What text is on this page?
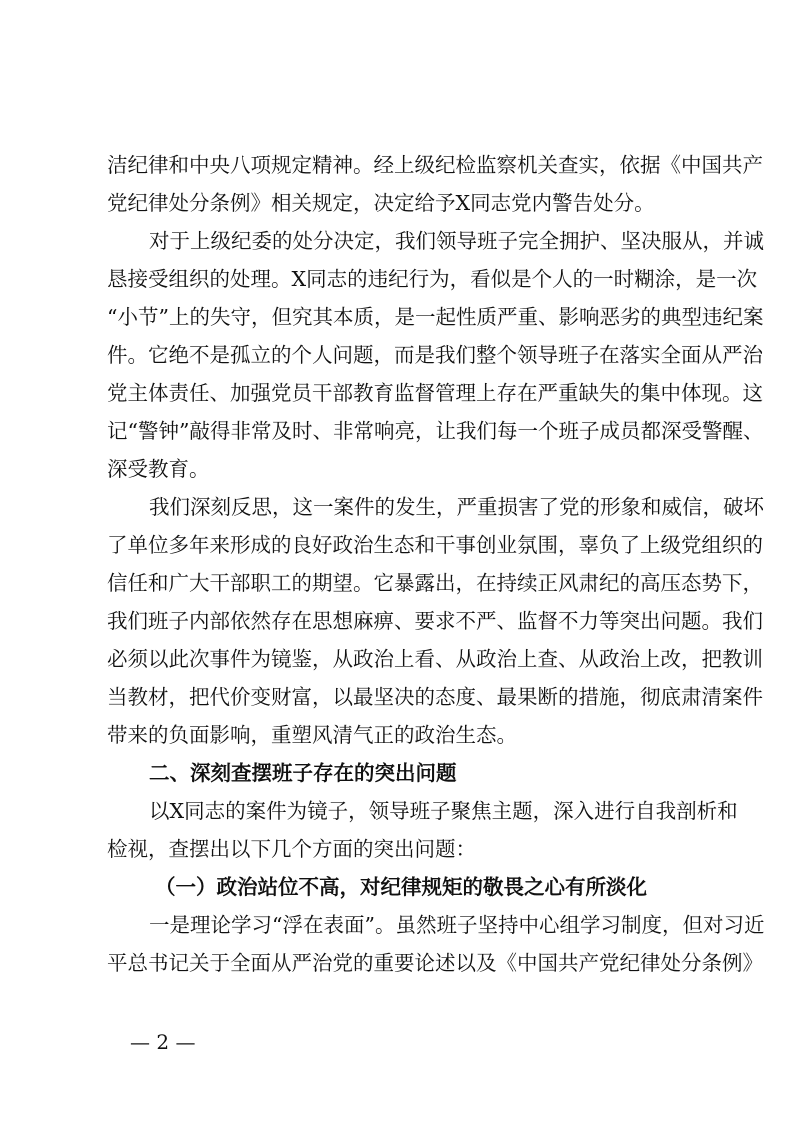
洁纪律和中央八项规定精神。经上级纪检监察机关查实，依据《中国共产
党纪律处分条例》相关规定，决定给予X同志党内警告处分。
对于上级纪委的处分决定，我们领导班子完全拥护、坚决服从，并诚
恳接受组织的处理。X同志的违纪行为，看似是个人的一时糊涂，是一次
“小节”上的失守，但究其本质，是一起性质严重、影响恶劣的典型违纪案
件。它绝不是孤立的个人问题，而是我们整个领导班子在落实全面从严治
党主体责任、加强党员干部教育监督管理上存在严重缺失的集中体现。这
记“警钟”敲得非常及时、非常响亮，让我们每一个班子成员都深受警醒、
深受教育。
我们深刻反思，这一案件的发生，严重损害了党的形象和威信，破坏
了单位多年来形成的良好政治生态和干事创业氛围，辜负了上级党组织的
信任和广大干部职工的期望。它暴露出，在持续正风肃纪的高压态势下，
我们班子内部依然存在思想麻痹、要求不严、监督不力等突出问题。我们
必须以此次事件为镜鉴，从政治上看、从政治上查、从政治上改，把教训
当教材，把代价变财富，以最坚决的态度、最果断的措施，彻底肃清案件
带来的负面影响，重塑风清气正的政治生态。
二、深刻查摆班子存在的突出问题
以X同志的案件为镜子，领导班子聚焦主题，深入进行自我剖析和
检视，查摆出以下几个方面的突出问题：
（一）政治站位不高，对纪律规矩的敬畏之心有所淡化
一是理论学习“浮在表面”。虽然班子坚持中心组学习制度，但对习近
平总书记关于全面从严治党的重要论述以及《中国共产党纪律处分条例》
— 2 —
